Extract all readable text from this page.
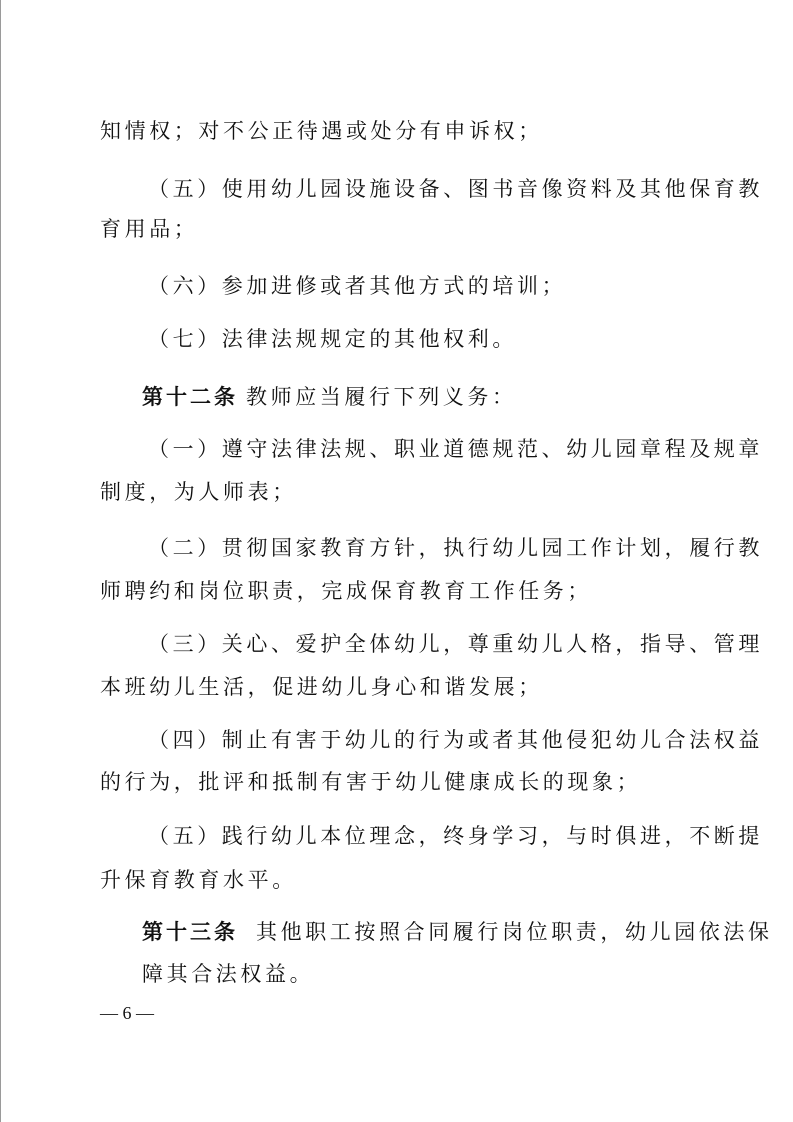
知情权；对不公正待遇或处分有申诉权；
（五）使用幼儿园设施设备、图书音像资料及其他保育教
育用品；
（六）参加进修或者其他方式的培训；
（七）法律法规规定的其他权利。
第十二条 教师应当履行下列义务：
（一）遵守法律法规、职业道德规范、幼儿园章程及规章
制度，为人师表；
（二）贯彻国家教育方针，执行幼儿园工作计划，履行教
师聘约和岗位职责，完成保育教育工作任务；
（三）关心、爱护全体幼儿，尊重幼儿人格，指导、管理
本班幼儿生活，促进幼儿身心和谐发展；
（四）制止有害于幼儿的行为或者其他侵犯幼儿合法权益
的行为，批评和抵制有害于幼儿健康成长的现象；
（五）践行幼儿本位理念，终身学习，与时俱进，不断提
升保育教育水平。
第十三条 其他职工按照合同履行岗位职责，幼儿园依法保
障其合法权益。
— 6 —
